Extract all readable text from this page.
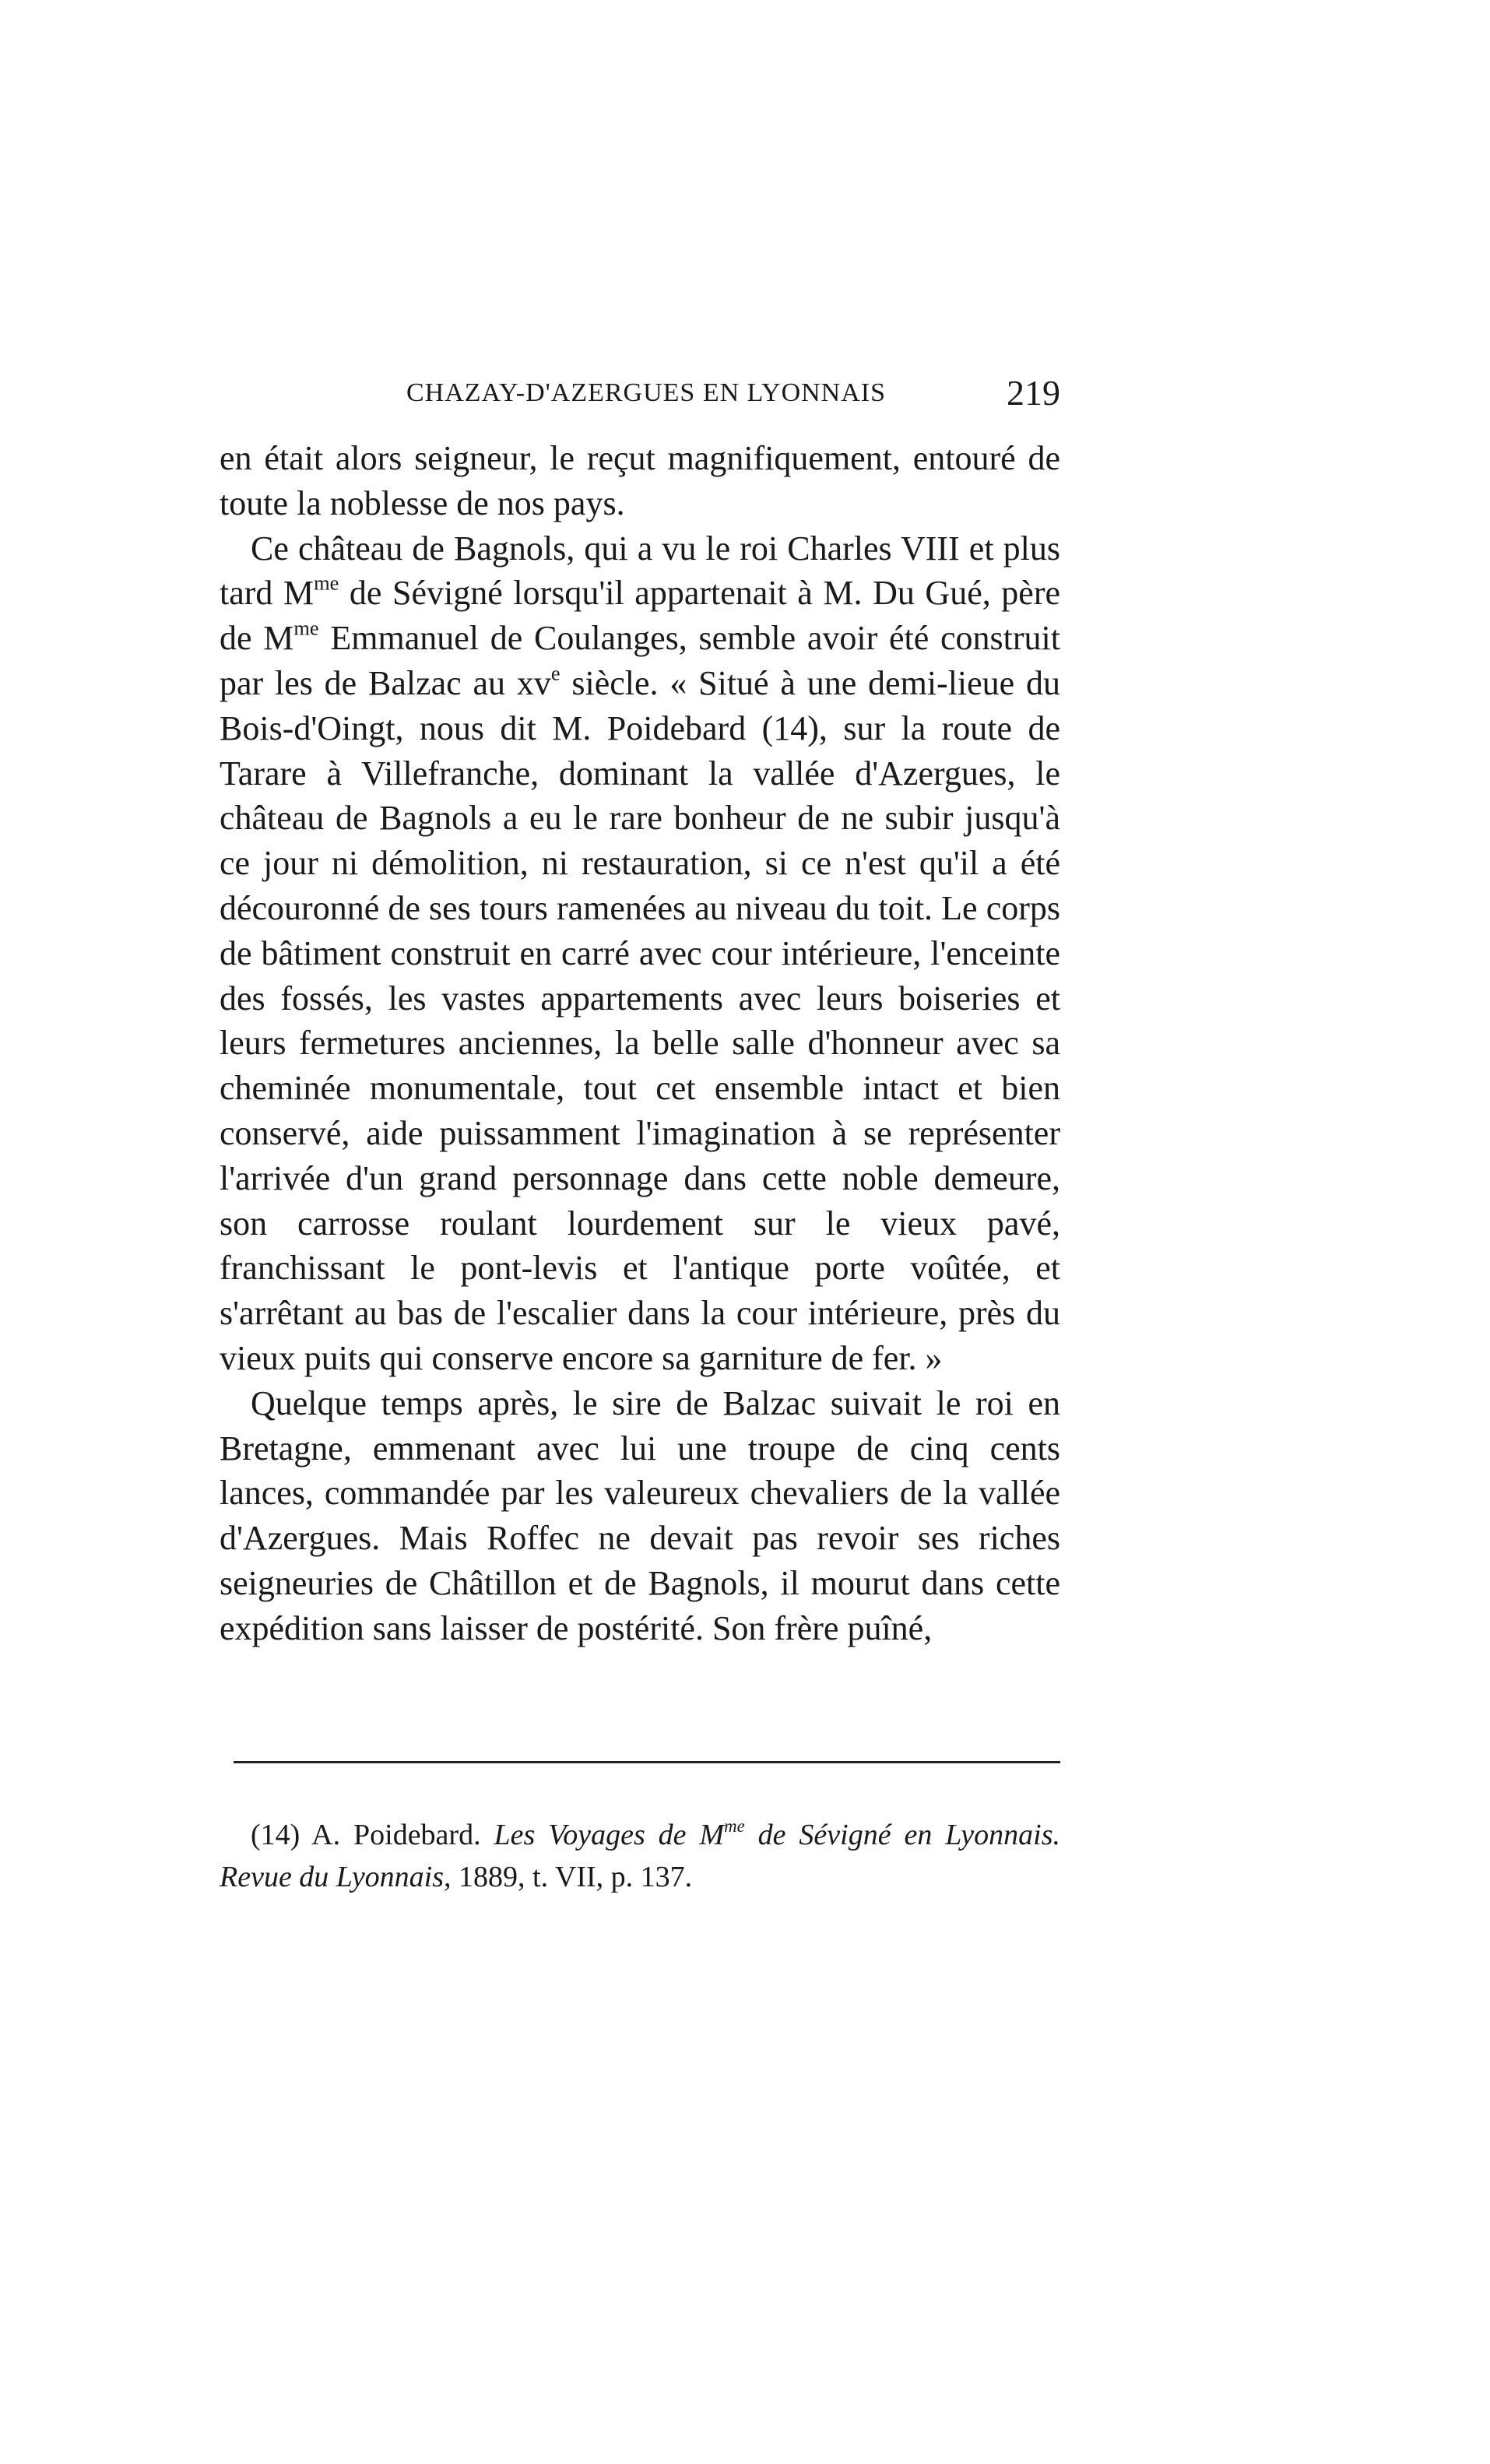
CHAZAY-D'AZERGUES EN LYONNAIS	219

en était alors seigneur, le reçut magnifiquement, entouré de toute la noblesse de nos pays.

Ce château de Bagnols, qui a vu le roi Charles VIII et plus tard $M^{me}$ de Sévigné lorsqu'il appartenait à M. Du Gué, père de $M^{me}$ Emmanuel de Coulanges, semble avoir été construit par les de Balzac au $xv^e$ siècle. « Situé à une demi-lieue du Bois-d'Oingt, nous dit M. Poidebard (14), sur la route de Tarare à Villefranche, dominant la vallée d'Azergues, le château de Bagnols a eu le rare bonheur de ne subir jusqu'à ce jour ni démolition, ni restauration, si ce n'est qu'il a été découronné de ses tours ramenées au niveau du toit. Le corps de bâtiment construit en carré avec cour intérieure, l'enceinte des fossés, les vastes appartements avec leurs boiseries et leurs fermetures anciennes, la belle salle d'honneur avec sa cheminée monumentale, tout cet ensemble intact et bien conservé, aide puissamment l'imagination à se représenter l'arrivée d'un grand personnage dans cette noble demeure, son carrosse roulant lourdement sur le vieux pavé, franchissant le pont-levis et l'antique porte voûtée, et s'arrêtant au bas de l'escalier dans la cour intérieure, près du vieux puits qui conserve encore sa garniture de fer. »

Quelque temps après, le sire de Balzac suivait le roi en Bretagne, emmenant avec lui une troupe de cinq cents lances, commandée par les valeureux chevaliers de la vallée d'Azergues. Mais Roffec ne devait pas revoir ses riches seigneuries de Châtillon et de Bagnols, il mourut dans cette expédition sans laisser de postérité. Son frère puîné,

(14) A. Poidebard. Les Voyages de $M^{me}$ de Sévigné en Lyonnais. Revue du Lyonnais, 1889, t. VII, p. 137.
